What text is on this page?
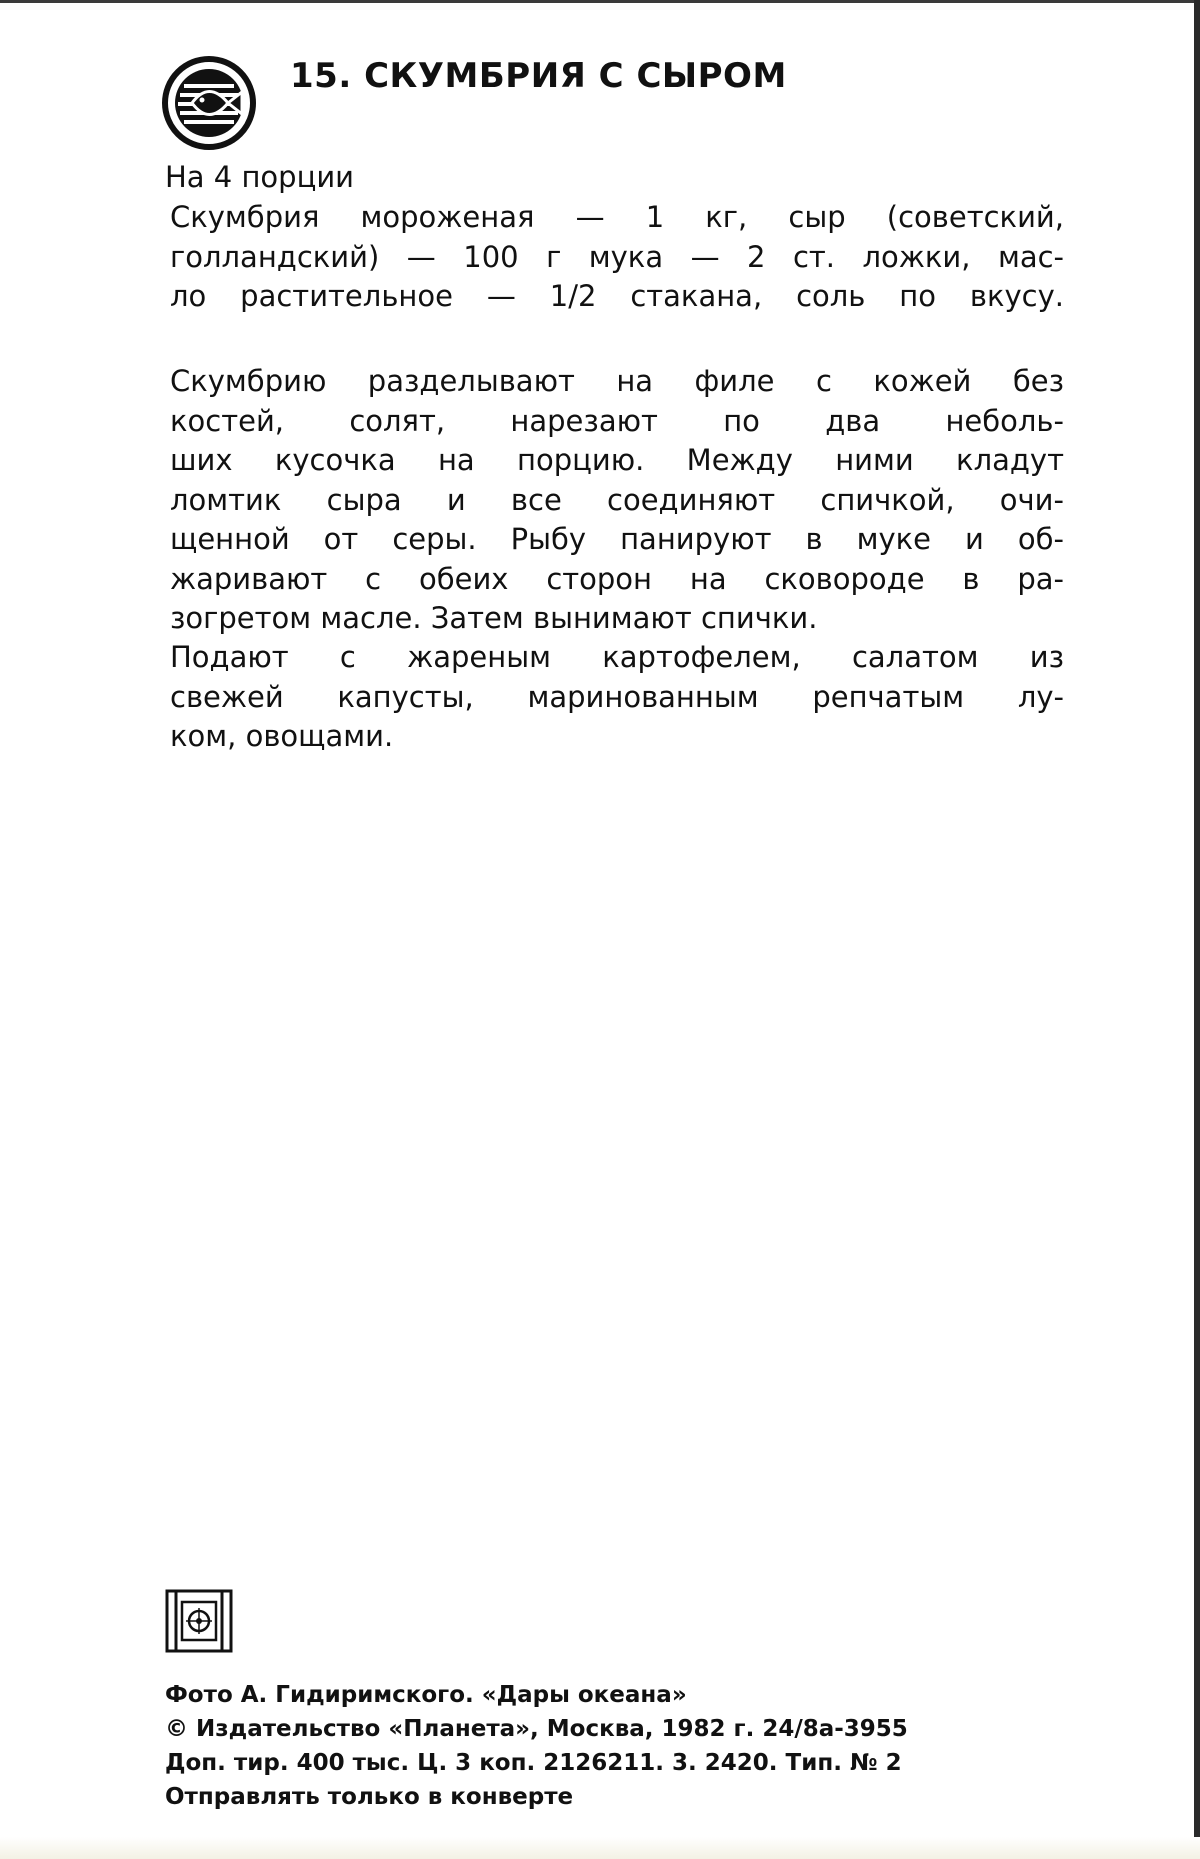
15. СКУМБРИЯ С СЫРОМ
На 4 порции
Скумбрия мороженая — 1 кг, сыр (советский,
голландский) — 100 г мука — 2 ст. ложки, мас-
ло растительное — 1/2 стакана, соль по вкусу.
Скумбрию разделывают на филе с кожей без
костей, солят, нарезают по два неболь-
ших кусочка на порцию. Между ними кладут
ломтик сыра и все соединяют спичкой, очи-
щенной от серы. Рыбу панируют в муке и об-
жаривают с обеих сторон на сковороде в ра-
зогретом масле. Затем вынимают спички.
Подают с жареным картофелем, салатом из
свежей капусты, маринованным репчатым лу-
ком, овощами.
Фото А. Гидиримского. «Дары океана»
© Издательство «Планета», Москва, 1982 г. 24/8а-3955
Доп. тир. 400 тыс. Ц. 3 коп. 2126211. 3. 2420. Тип. № 2
Отправлять только в конверте
